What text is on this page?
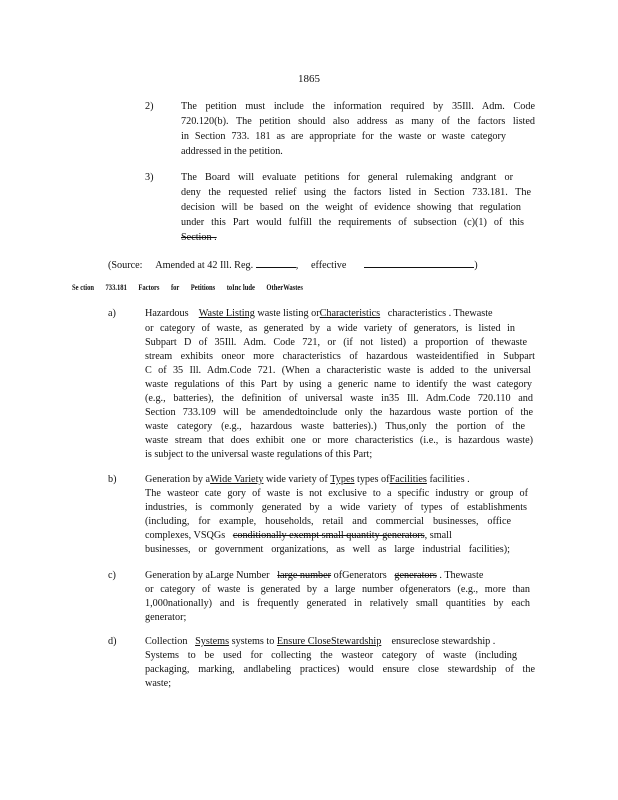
1865
2)	The petition must include the information required by 35Ill. Adm. Code
720.120(b). The petition should also address as many of the factors listed
in Section 733. 181 as are appropriate for the waste or waste category
addressed in the petition.
3)	The Board will evaluate petitions for general rulemaking andgrant or
deny the requested relief using the factors listed in Section 733.181. The
decision will be based on the weight of evidence showing that regulation
under this Part would fulfill the requirements of subsection (c)(1) of this
Section .
(Source: Amended at 42 Ill. Reg.	, effective	)
Se ction 733.181 Factors for Petitions toInc lude OtherWastes
a)	Hazardous Waste Listing waste listing orCharacteristics characteristics . Thewaste
or category of waste, as generated by a wide variety of generators, is listed in
Subpart D of 35Ill. Adm. Code 721, or (if not listed) a proportion of thewaste
stream exhibits oneor more characteristics of hazardous wasteidentified in Subpart
C of 35 Ill. Adm.Code 721. (When a characteristic waste is added to the universal
waste regulations of this Part by using a generic name to identify the wast category
(e.g., batteries), the definition of universal waste in35 Ill. Adm.Code 720.110 and
Section 733.109 will be amendedtoinclude only the hazardous waste portion of the
waste category (e.g., hazardous waste batteries).) Thus,only the portion of the
waste stream that does exhibit one or more characteristics (i.e., is hazardous waste)
is subject to the universal waste regulations of this Part;
b)	Generation by aWide Variety wide variety of Types types ofFacilities facilities .
The wasteor cate gory of waste is not exclusive to a specific industry or group of
industries, is commonly generated by a wide variety of types of establishments
(including, for example, households, retail and commercial businesses, office
complexes, VSQGs conditionally exempt small quantity generators, small
businesses, or government organizations, as well as large industrial facilities);
c)	Generation by aLarge Number large number ofGenerators generators . Thewaste
or category of waste is generated by a large number ofgenerators (e.g., more than
1,000nationally) and is frequently generated in relatively small quantities by each
generator;
d)	Collection Systems systems to Ensure CloseStewardship ensureclose stewardship .
Systems to be used for collecting the wasteor category of waste (including
packaging, marking, andlabeling practices) would ensure close stewardship of the
waste;
